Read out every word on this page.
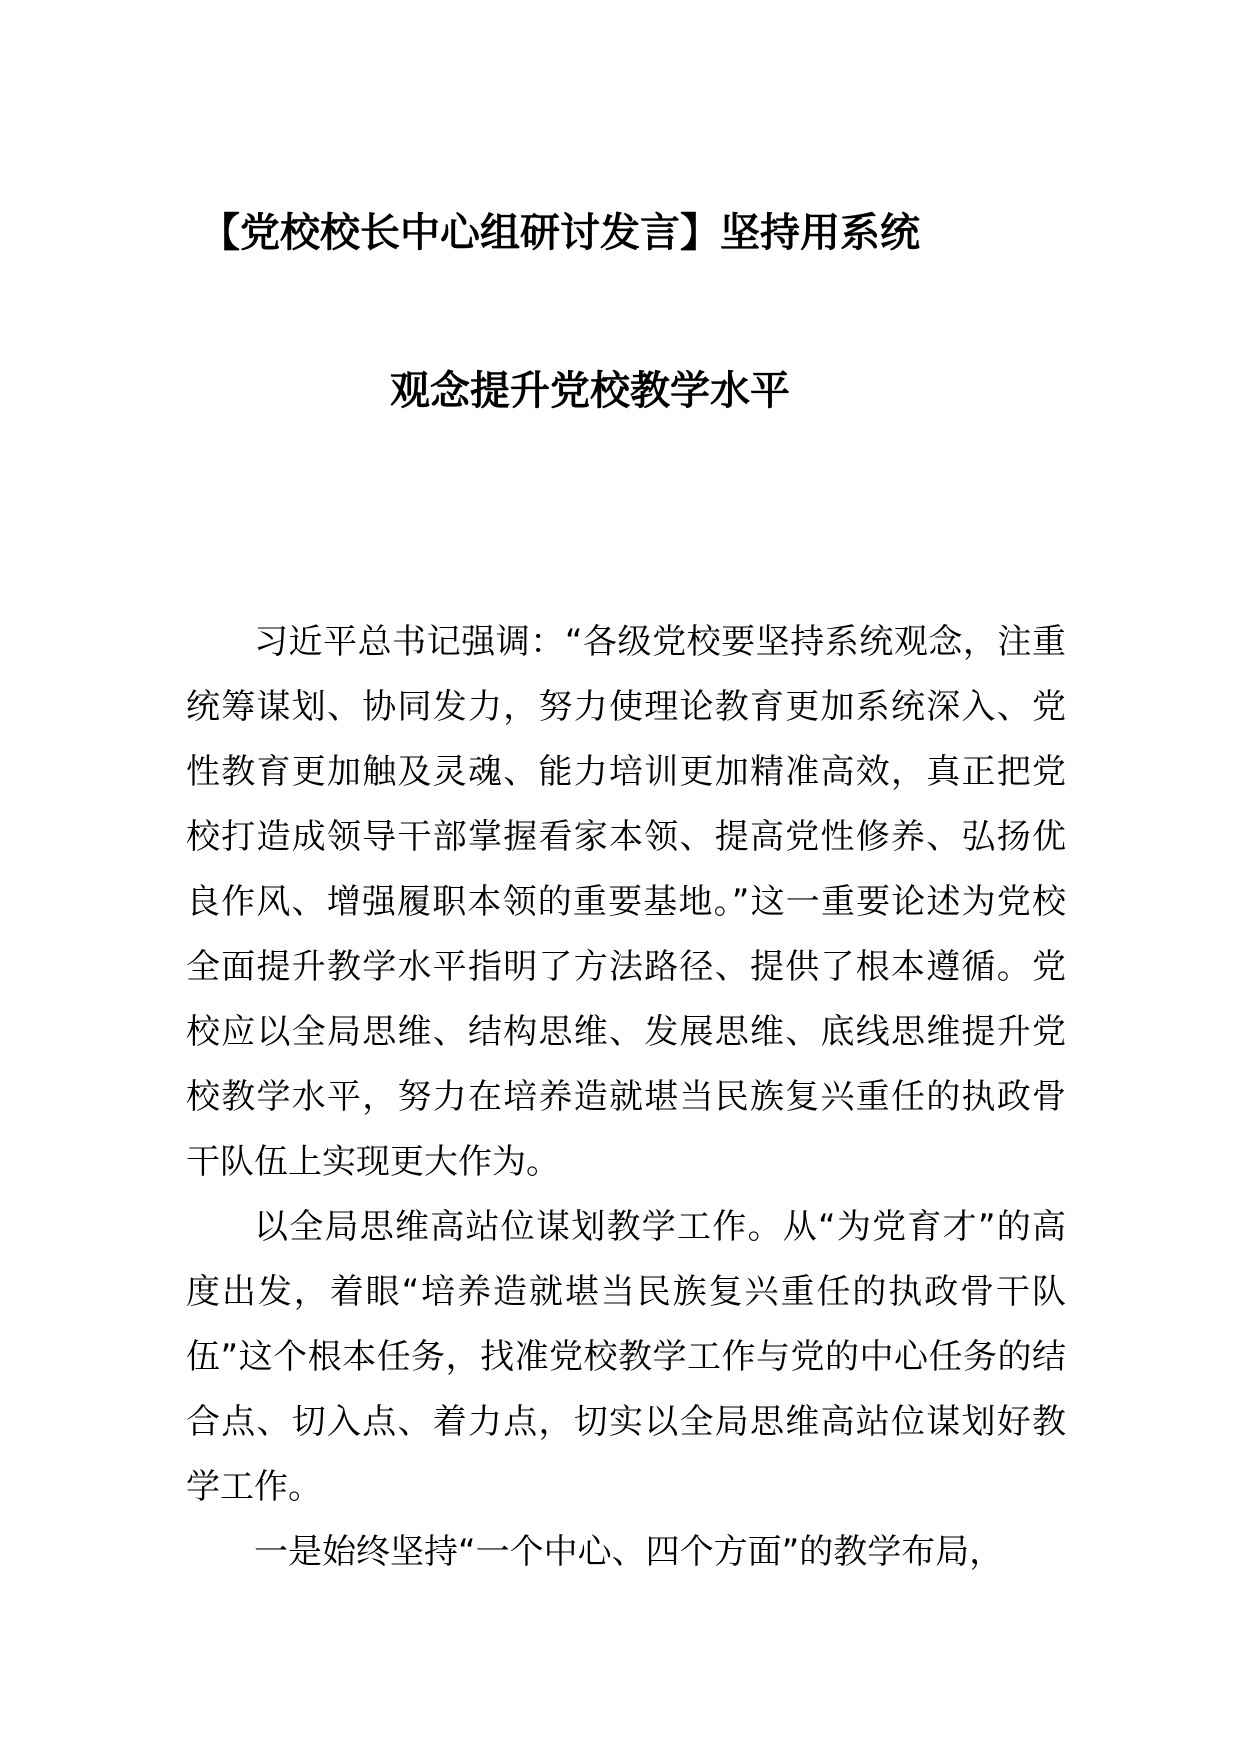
【党校校长中心组研讨发言】坚持用系统
观念提升党校教学水平

习近平总书记强调：“各级党校要坚持系统观念，注重统筹谋划、协同发力，努力使理论教育更加系统深入、党性教育更加触及灵魂、能力培训更加精准高效，真正把党校打造成领导干部掌握看家本领、提高党性修养、弘扬优良作风、增强履职本领的重要基地。”这一重要论述为党校全面提升教学水平指明了方法路径、提供了根本遵循。党校应以全局思维、结构思维、发展思维、底线思维提升党校教学水平，努力在培养造就堪当民族复兴重任的执政骨干队伍上实现更大作为。

以全局思维高站位谋划教学工作。从“为党育才”的高度出发，着眼“培养造就堪当民族复兴重任的执政骨干队伍”这个根本任务，找准党校教学工作与党的中心任务的结合点、切入点、着力点，切实以全局思维高站位谋划好教学工作。

一是始终坚持“一个中心、四个方面”的教学布局，
